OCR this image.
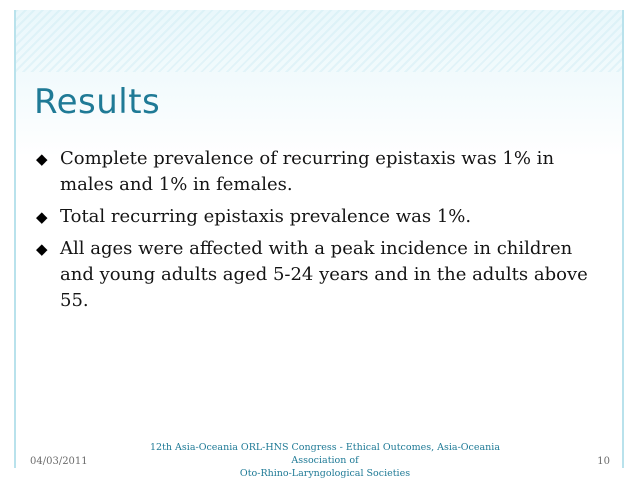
Results
◆ Complete prevalence of recurring epistaxis was 1% in males and 1% in females.
◆ Total recurring epistaxis prevalence was 1%.
◆ All ages were affected with a peak incidence in children and young adults aged 5-24 years and in the adults above 55.
04/03/2011
12th Asia-Oceania ORL-HNS Congress - Ethical Outcomes, Asia-Oceania Association of
Oto-Rhino-Laryngological Societies
10
